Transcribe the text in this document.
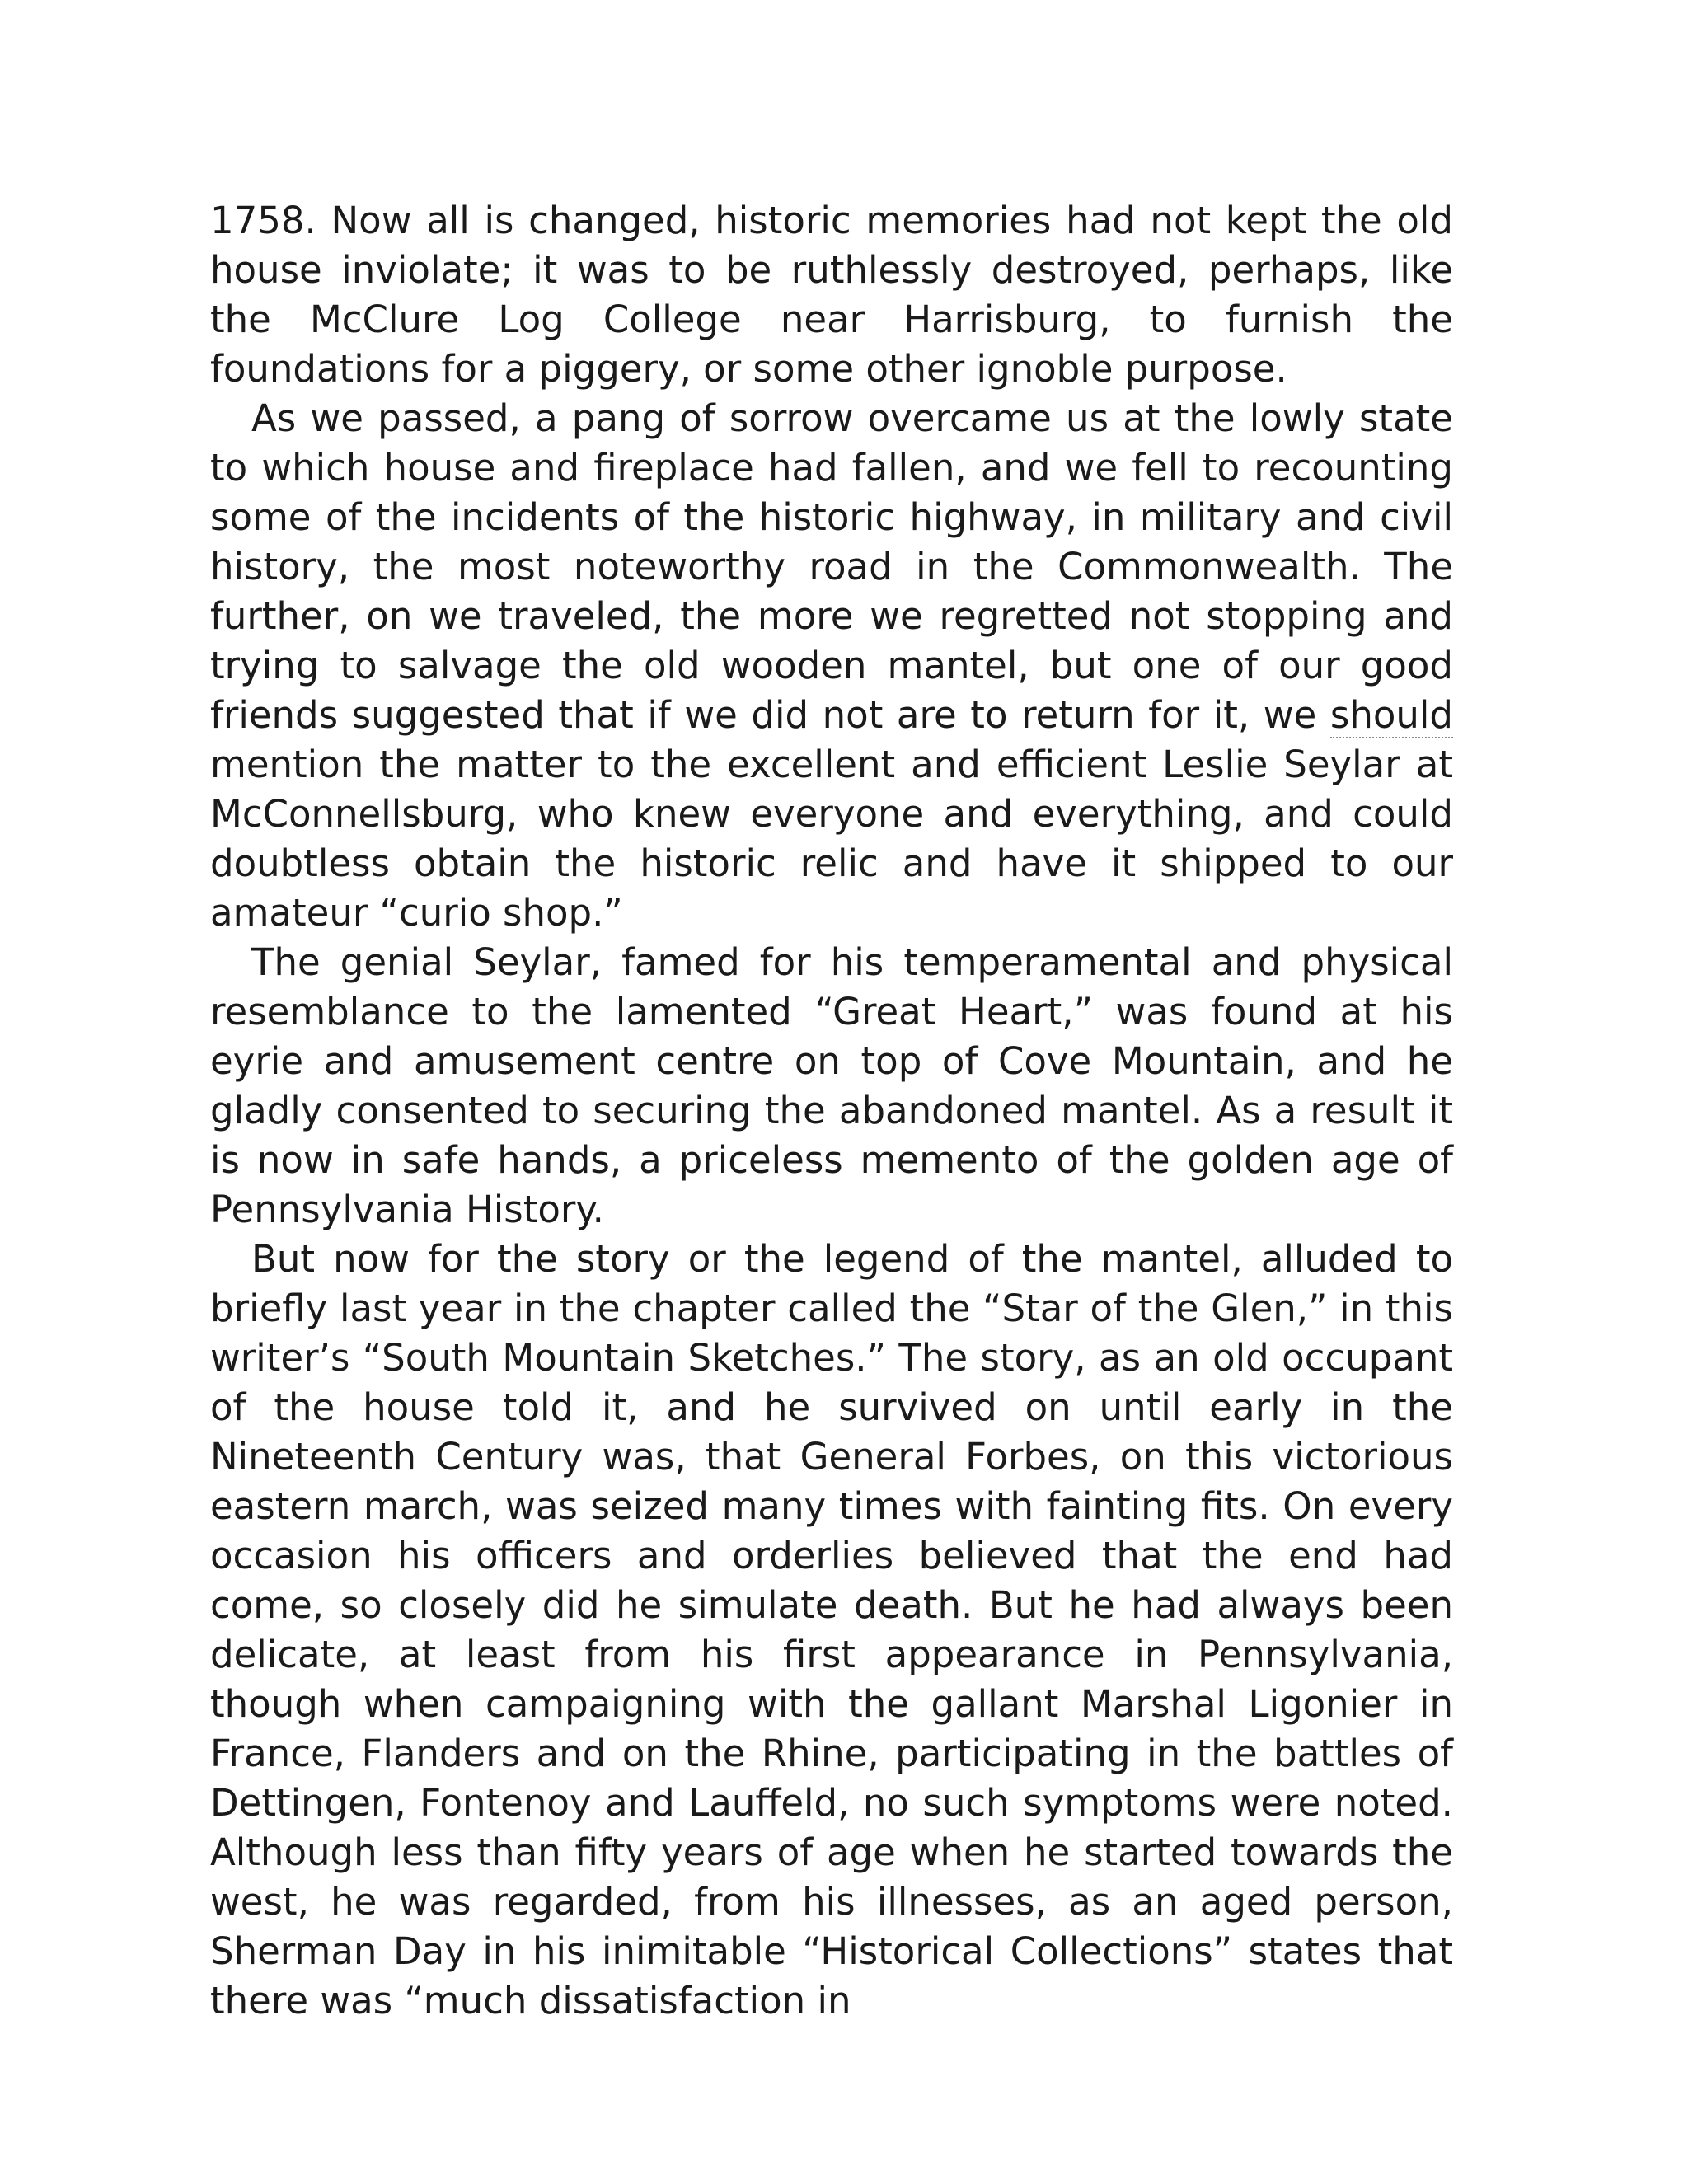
1758. Now all is changed, historic memories had not kept the old house inviolate; it was to be ruthlessly destroyed, perhaps, like the McClure Log College near Harrisburg, to furnish the foundations for a piggery, or some other ignoble purpose.

As we passed, a pang of sorrow overcame us at the lowly state to which house and fireplace had fallen, and we fell to recounting some of the incidents of the historic highway, in military and civil history, the most noteworthy road in the Commonwealth. The further, on we traveled, the more we regretted not stopping and trying to salvage the old wooden mantel, but one of our good friends suggested that if we did not are to return for it, we should mention the matter to the excellent and efficient Leslie Seylar at McConnellsburg, who knew everyone and everything, and could doubtless obtain the historic relic and have it shipped to our amateur “curio shop.”

The genial Seylar, famed for his temperamental and physical resemblance to the lamented “Great Heart,” was found at his eyrie and amusement centre on top of Cove Mountain, and he gladly consented to securing the abandoned mantel. As a result it is now in safe hands, a priceless memento of the golden age of Pennsylvania History.

But now for the story or the legend of the mantel, alluded to briefly last year in the chapter called the “Star of the Glen,” in this writer’s “South Mountain Sketches.” The story, as an old occupant of the house told it, and he survived on until early in the Nineteenth Century was, that General Forbes, on this victorious eastern march, was seized many times with fainting fits. On every occasion his officers and orderlies believed that the end had come, so closely did he simulate death. But he had always been delicate, at least from his first appearance in Pennsylvania, though when campaigning with the gallant Marshal Ligonier in France, Flanders and on the Rhine, participating in the battles of Dettingen, Fontenoy and Lauffeld, no such symptoms were noted. Although less than fifty years of age when he started towards the west, he was regarded, from his illnesses, as an aged person, Sherman Day in his inimitable “Historical Collections” states that there was “much dissatisfaction in
